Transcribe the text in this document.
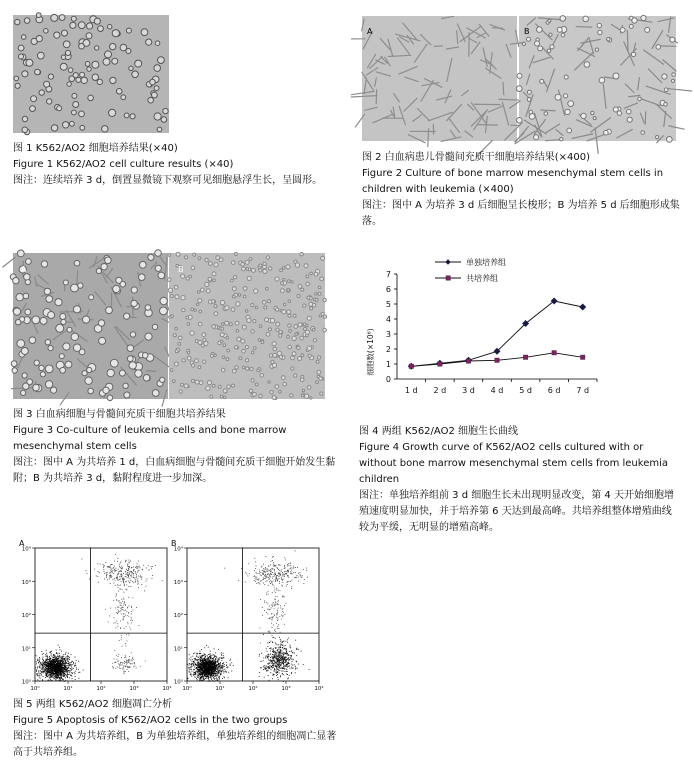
图 1 K562/AO2 细胞培养结果(×40)
Figure 1 K562/AO2 cell culture results (×40)
图注：连续培养 3 d，倒置显微镜下观察可见细胞悬浮生长，呈圆形。
A	B
图 2 白血病患儿骨髓间充质干细胞培养结果(×400)
Figure 2 Culture of bone marrow mesenchymal stem cells in
children with leukemia (×400)
图注：图中 A 为培养 3 d 后细胞呈长梭形；B 为培养 5 d 后细胞形成集落。
A	B
图 3 白血病细胞与骨髓间充质干细胞共培养结果
Figure 3 Co-culture of leukemia cells and bone marrow
mesenchymal stem cells
图注：图中 A 为共培养 1 d，白血病细胞与骨髓间充质干细胞开始发生黏附；B 为共培养 3 d，黏附程度进一步加深。
单独培养组
共培养组
细胞数(×10⁶)
0
1
2
3
4
5
6
7
1 d 2 d 3 d 4 d 5 d 6 d 7 d
图 4 两组 K562/AO2 细胞生长曲线
Figure 4 Growth curve of K562/AO2 cells cultured with or
without bone marrow mesenchymal stem cells from leukemia
children
图注：单独培养组前 3 d 细胞生长未出现明显改变，第 4 天开始细胞增殖速度明显加快，并于培养第 6 天达到最高峰。共培养组整体增殖曲线较为平缓，无明显的增殖高峰。
A
10⁰
10⁰
10¹
10¹
10²
10²
10³
10³
10⁴
10⁴
B
10⁰
10⁰
10¹
10¹
10²
10²
10³
10³
10⁴
10⁴
图 5 两组 K562/AO2 细胞凋亡分析
Figure 5 Apoptosis of K562/AO2 cells in the two groups
图注：图中 A 为共培养组，B 为单独培养组，单独培养组的细胞凋亡显著高于共培养组。
